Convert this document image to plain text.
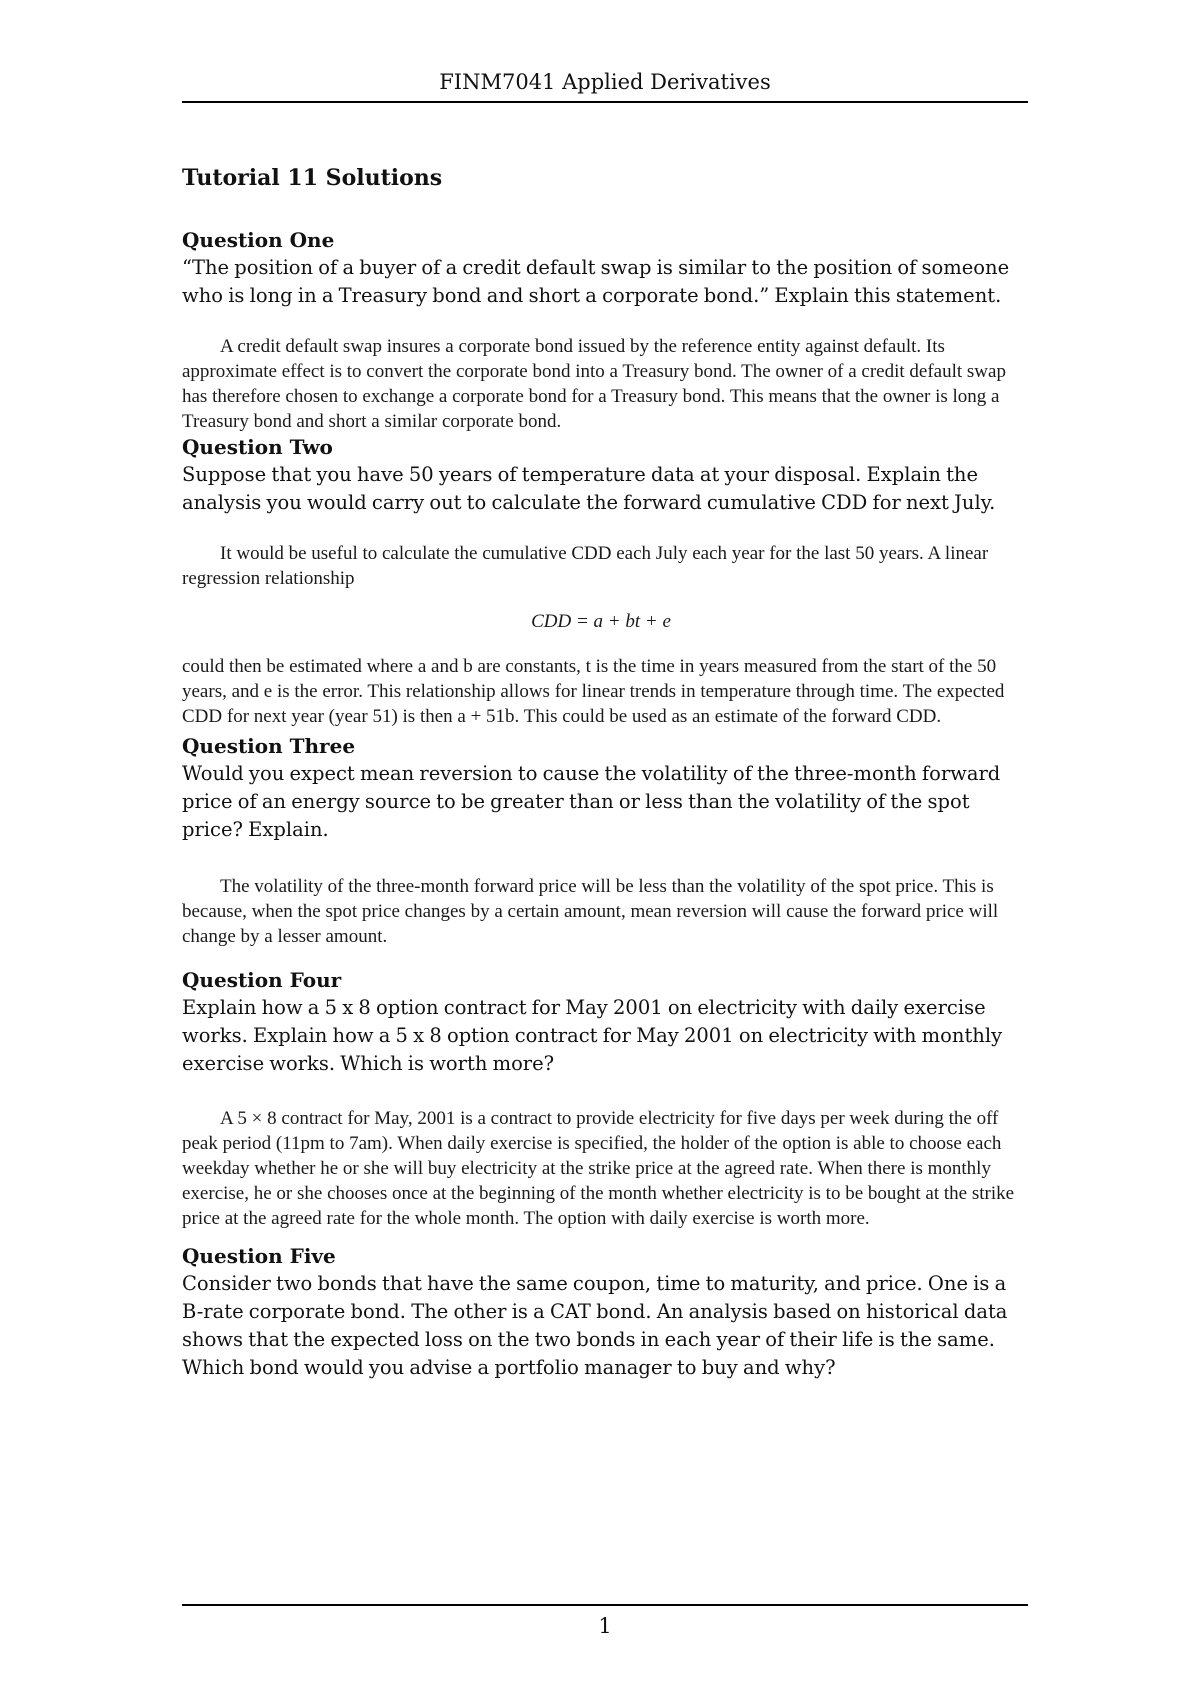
FINM7041 Applied Derivatives
Tutorial 11 Solutions
Question One
“The position of a buyer of a credit default swap is similar to the position of someone who is long in a Treasury bond and short a corporate bond.” Explain this statement.
A credit default swap insures a corporate bond issued by the reference entity against default. Its approximate effect is to convert the corporate bond into a Treasury bond. The owner of a credit default swap has therefore chosen to exchange a corporate bond for a Treasury bond. This means that the owner is long a Treasury bond and short a similar corporate bond.
Question Two
Suppose that you have 50 years of temperature data at your disposal. Explain the analysis you would carry out to calculate the forward cumulative CDD for next July.
It would be useful to calculate the cumulative CDD each July each year for the last 50 years. A linear regression relationship
CDD = a + bt + e
could then be estimated where a and b are constants, t is the time in years measured from the start of the 50 years, and e is the error. This relationship allows for linear trends in temperature through time. The expected CDD for next year (year 51) is then a + 51b. This could be used as an estimate of the forward CDD.
Question Three
Would you expect mean reversion to cause the volatility of the three-month forward price of an energy source to be greater than or less than the volatility of the spot price? Explain.
The volatility of the three-month forward price will be less than the volatility of the spot price. This is because, when the spot price changes by a certain amount, mean reversion will cause the forward price will change by a lesser amount.
Question Four
Explain how a 5 x 8 option contract for May 2001 on electricity with daily exercise works. Explain how a 5 x 8 option contract for May 2001 on electricity with monthly exercise works. Which is worth more?
A 5 × 8 contract for May, 2001 is a contract to provide electricity for five days per week during the off peak period (11pm to 7am). When daily exercise is specified, the holder of the option is able to choose each weekday whether he or she will buy electricity at the strike price at the agreed rate. When there is monthly exercise, he or she chooses once at the beginning of the month whether electricity is to be bought at the strike price at the agreed rate for the whole month. The option with daily exercise is worth more.
Question Five
Consider two bonds that have the same coupon, time to maturity, and price. One is a B-rate corporate bond. The other is a CAT bond. An analysis based on historical data shows that the expected loss on the two bonds in each year of their life is the same. Which bond would you advise a portfolio manager to buy and why?
1
